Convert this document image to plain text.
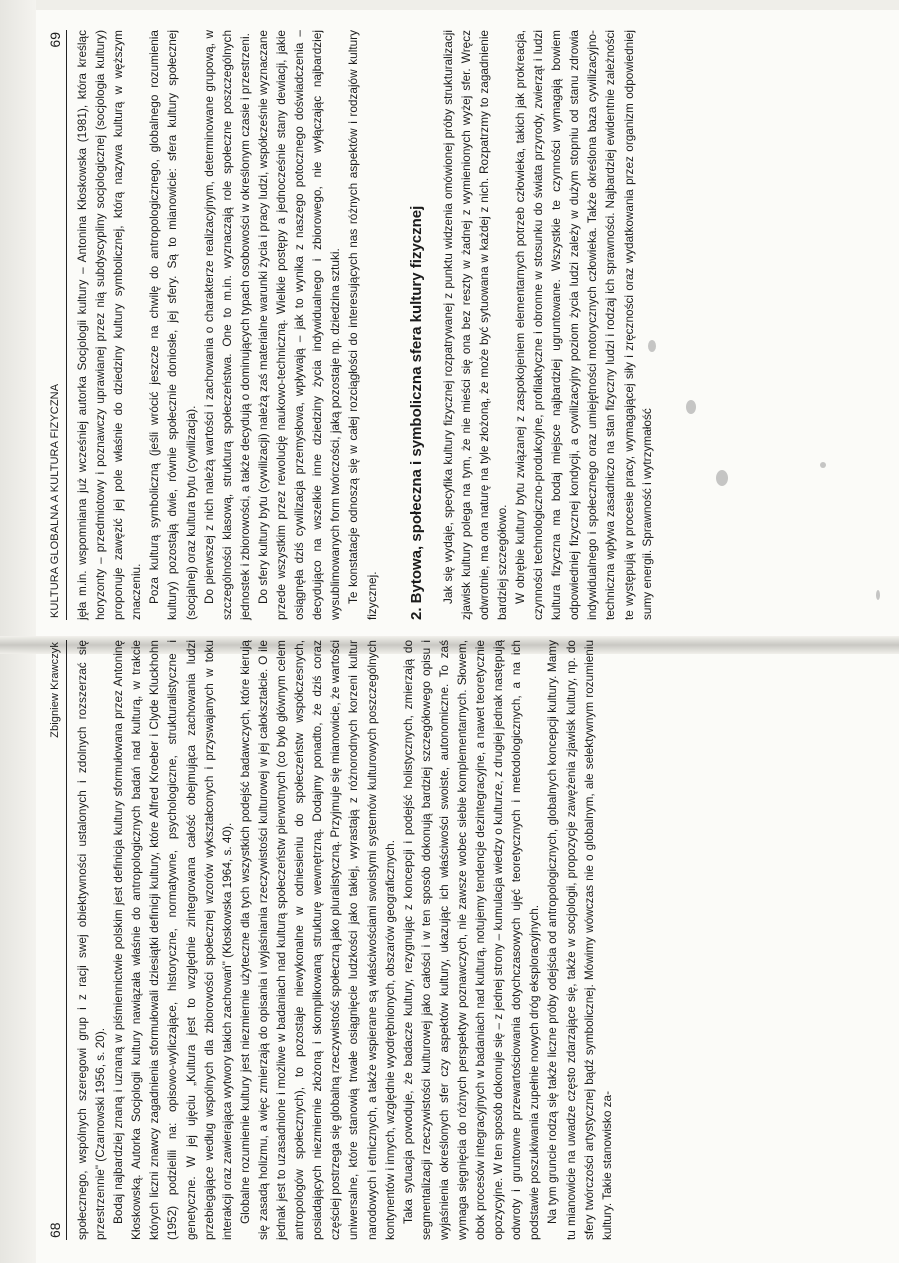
KULTURA GLOBALNA A KULTURA FIZYCZNA
69 jęła m.in. wspomniana już wcześniej autorka Socjologii kultury – Antonina Kłoskowska (1981), która kreśląc horyzonty – przedmiotowy i poznawczy uprawianej przez nią subdyscypliny socjologicznej (socjologia kultury) proponuje zawęzić jej pole właśnie do dziedziny kultury symbolicznej, którą nazywa kulturą w węższym znaczeniu. Poza kulturą symboliczną (jeśli wrócić jeszcze na chwilę do antropologicznego, globalnego rozumienia kultury) pozostają dwie, równie społecznie doniosłe, jej sfery. Są to mianowicie: sfera kultury społecznej (socjalnej) oraz kultura bytu (cywilizacja). Do pierwszej z nich należą wartości i zachowania o charakterze realizacyjnym, determinowane grupową, w szczególności klasową, strukturą społeczeństwa. One to m.in. wyznaczają role społeczne poszczególnych jednostek i zbiorowości, a także decydują o dominujących typach osobowości w określonym czasie i przestrzeni. Do sfery kultury bytu (cywilizacji) należą zaś materialne warunki życia i pracy ludzi, współcześnie wyznaczane przede wszystkim przez rewolucję naukowo-techniczną. Wielkie postępy a jednocześnie stany dewiacji, jakie osiągnęła dziś cywilizacja przemysłowa, wpływają – jak to wynika z naszego potocznego doświadczenia – decydująco na wszelkie inne dziedziny życia indywidualnego i zbiorowego, nie wyłączając najbardziej wysublimowanych form twórczości, jaką pozostaje np. dziedzina sztuki. Te konstatacje odnoszą się w całej rozciągłości do interesujących nas różnych aspektów i rodzajów kultury fizycznej. 2. Bytowa, społeczna i symboliczna sfera kultury fizycznej Jak się wydaje, specyfika kultury fizycznej rozpatrywanej z punktu widzenia omówionej próby strukturalizacji zjawisk kultury polega na tym, że nie mieści się ona bez reszty w żadnej z wymienionych wyżej sfer. Wręcz odwrotnie, ma ona naturę na tyle złożoną, że może być sytuowana w każdej z nich. Rozpatrzmy to zagadnienie bardziej szczegółowo. W obrębie kultury bytu związanej z zaspokojeniem elementarnych potrzeb człowieka, takich jak prokreacja, czynności technologiczno-produkcyjne, profilaktyczne i obronne w stosunku do świata przyrody, zwierząt i ludzi kultura fizyczna ma bodaj miejsce najbardziej ugruntowane. Wszystkie te czynności wymagają bowiem odpowiedniej fizycznej kondycji, a cywilizacyjny poziom życia ludzi zależy w dużym stopniu od stanu zdrowia indywidualnego i społecznego oraz umiejętności motorycznych człowieka. Także określona baza cywilizacyjno-techniczna wpływa zasadniczo na stan fizyczny ludzi i rodzaj ich sprawności. Najbardziej ewidentnie zależności te występują w procesie pracy, wymagającej siły i zręczności oraz wydatkowania przez organizm odpowiedniej sumy energii. Sprawność i wytrzymałość

68
Zbigniew Krawczyk społecznego, wspólnych szeregowi grup i z racji swej obiektywności ustalonych i zdolnych rozszerzać się przestrzennie" (Czarnowski 1956, s. 20). Bodaj najbardziej znaną i uznaną w piśmiennictwie polskim jest definicja kultury sformułowana przez Antoninę Kłoskowską. Autorka Socjologii kultury nawiązała właśnie do antropologicznych badań nad kulturą, w trakcie których liczni znawcy zagadnienia sformułowali dziesiątki definicji kultury, które Alfred Kroeber i Clyde Kluckhohn (1952) podzielili na: opisowo-wyliczające, historyczne, normatywne, psychologiczne, strukturalistyczne i genetyczne. W jej ujęciu „Kultura jest to względnie zintegrowana całość obejmująca zachowania ludzi przebiegające według wspólnych dla zbiorowości społecznej wzorów wykształconych i przyswajanych w toku interakcji oraz zawierająca wytwory takich zachowań" (Kłoskowska 1964, s. 40). Globalne rozumienie kultury jest niezmiernie użyteczne dla tych wszystkich podejść badawczych, które kierują się zasadą holizmu, a więc zmierzają do opisania i wyjaśniania rzeczywistości kulturowej w jej całokształcie. O ile jednak jest to uzasadnione i możliwe w badaniach nad kulturą społeczeństw pierwotnych (co było głównym celem antropologów społecznych), to pozostaje niewykonalne w odniesieniu do społeczeństw współczesnych, posiadających niezmiernie złożoną i skomplikowaną strukturę wewnętrzną. Dodajmy ponadto, że dziś coraz częściej postrzega się globalną rzeczywistość społeczną jako pluralistyczną. Przyjmuje się mianowicie, że wartości uniwersalne, które stanowią trwałe osiągnięcie ludzkości jako takiej, wyrastają z różnorodnych korzeni kultur narodowych i etnicznych, a także wspierane są właściwościami swoistymi systemów kulturowych poszczególnych kontynentów i innych, względnie wyodrębnionych, obszarów geograficznych. Taka sytuacja powoduje, że badacze kultury, rezygnując z koncepcji i podejść holistycznych, zmierzają do segmentalizacji rzeczywistości kulturowej jako całości i w ten sposób dokonują bardziej szczegółowego opisu i wyjaśnienia określonych sfer czy aspektów kultury, ukazując ich właściwości swoiste, autonomiczne. To zaś wymaga sięgnięcia do różnych perspektyw poznawczych, nie zawsze wobec siebie komplementarnych. Słowem, obok procesów integracyjnych w badaniach nad kulturą, notujemy tendencje dezintegracyjne, a nawet teoretycznie opozycyjne. W ten sposób dokonuje się – z jednej strony – kumulacja wiedzy o kulturze, z drugiej jednak następują odwroty i gruntowne przewartościowania dotychczasowych ujęć teoretycznych i metodologicznych, a na ich podstawie poszukiwania zupełnie nowych dróg eksploracyjnych. Na tym gruncie rodzą się także liczne próby odejścia od antropologicznych, globalnych koncepcji kultury. Mamy tu mianowicie na uwadze często zdarzające się, także w socjologii, propozycje zawężenia zjawisk kultury, np. do sfery twórczości artystycznej bądź symbolicznej. Mówimy wówczas nie o globalnym, ale selektywnym rozumieniu kultury. Takie stanowisko za-
